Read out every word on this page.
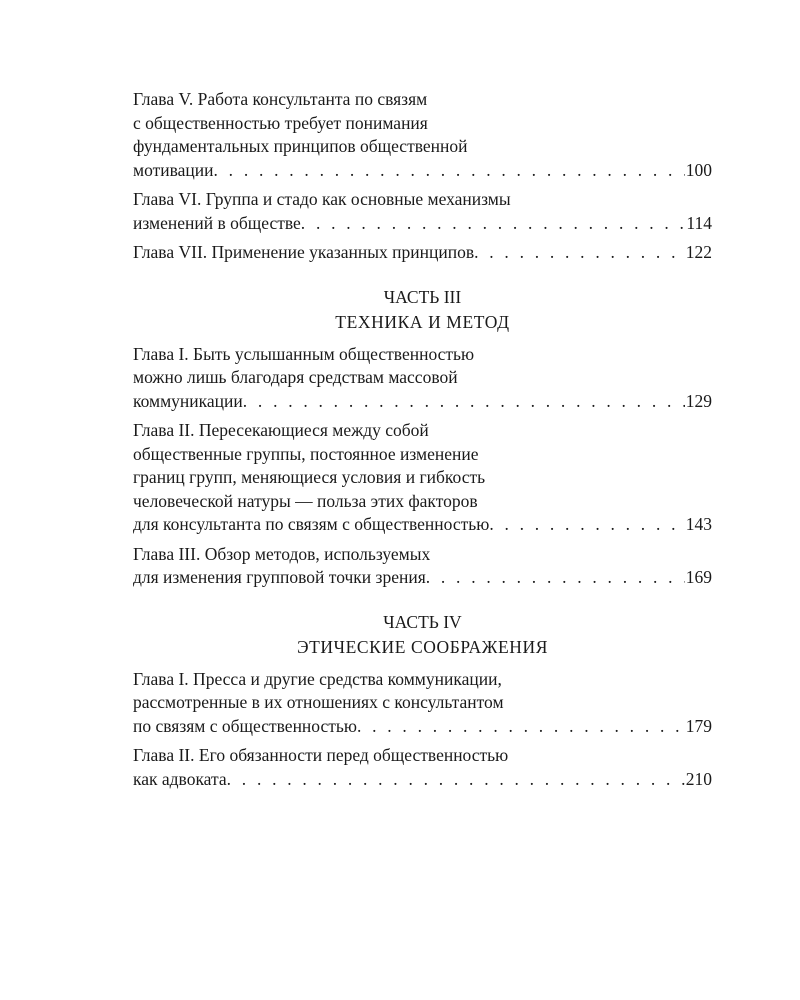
Глава V. Работа консультанта по связям
с общественностью требует понимания
фундаментальных принципов общественной
мотивации . . .	100
Глава VI. Группа и стадо как основные механизмы
изменений в обществе . . .	114
Глава VII. Применение указанных принципов . . .	122
ЧАСТЬ III
ТЕХНИКА И МЕТОД
Глава I. Быть услышанным общественностью
можно лишь благодаря средствам массовой
коммуникации . . .	129
Глава II. Пересекающиеся между собой
общественные группы, постоянное изменение
границ групп, меняющиеся условия и гибкость
человеческой натуры — польза этих факторов
для консультанта по связям с общественностью . . .	143
Глава III. Обзор методов, используемых
для изменения групповой точки зрения . . .	169
ЧАСТЬ IV
ЭТИЧЕСКИЕ СООБРАЖЕНИЯ
Глава I. Пресса и другие средства коммуникации,
рассмотренные в их отношениях с консультантом
по связям с общественностью . . .	179
Глава II. Его обязанности перед общественностью
как адвоката . . .	210
